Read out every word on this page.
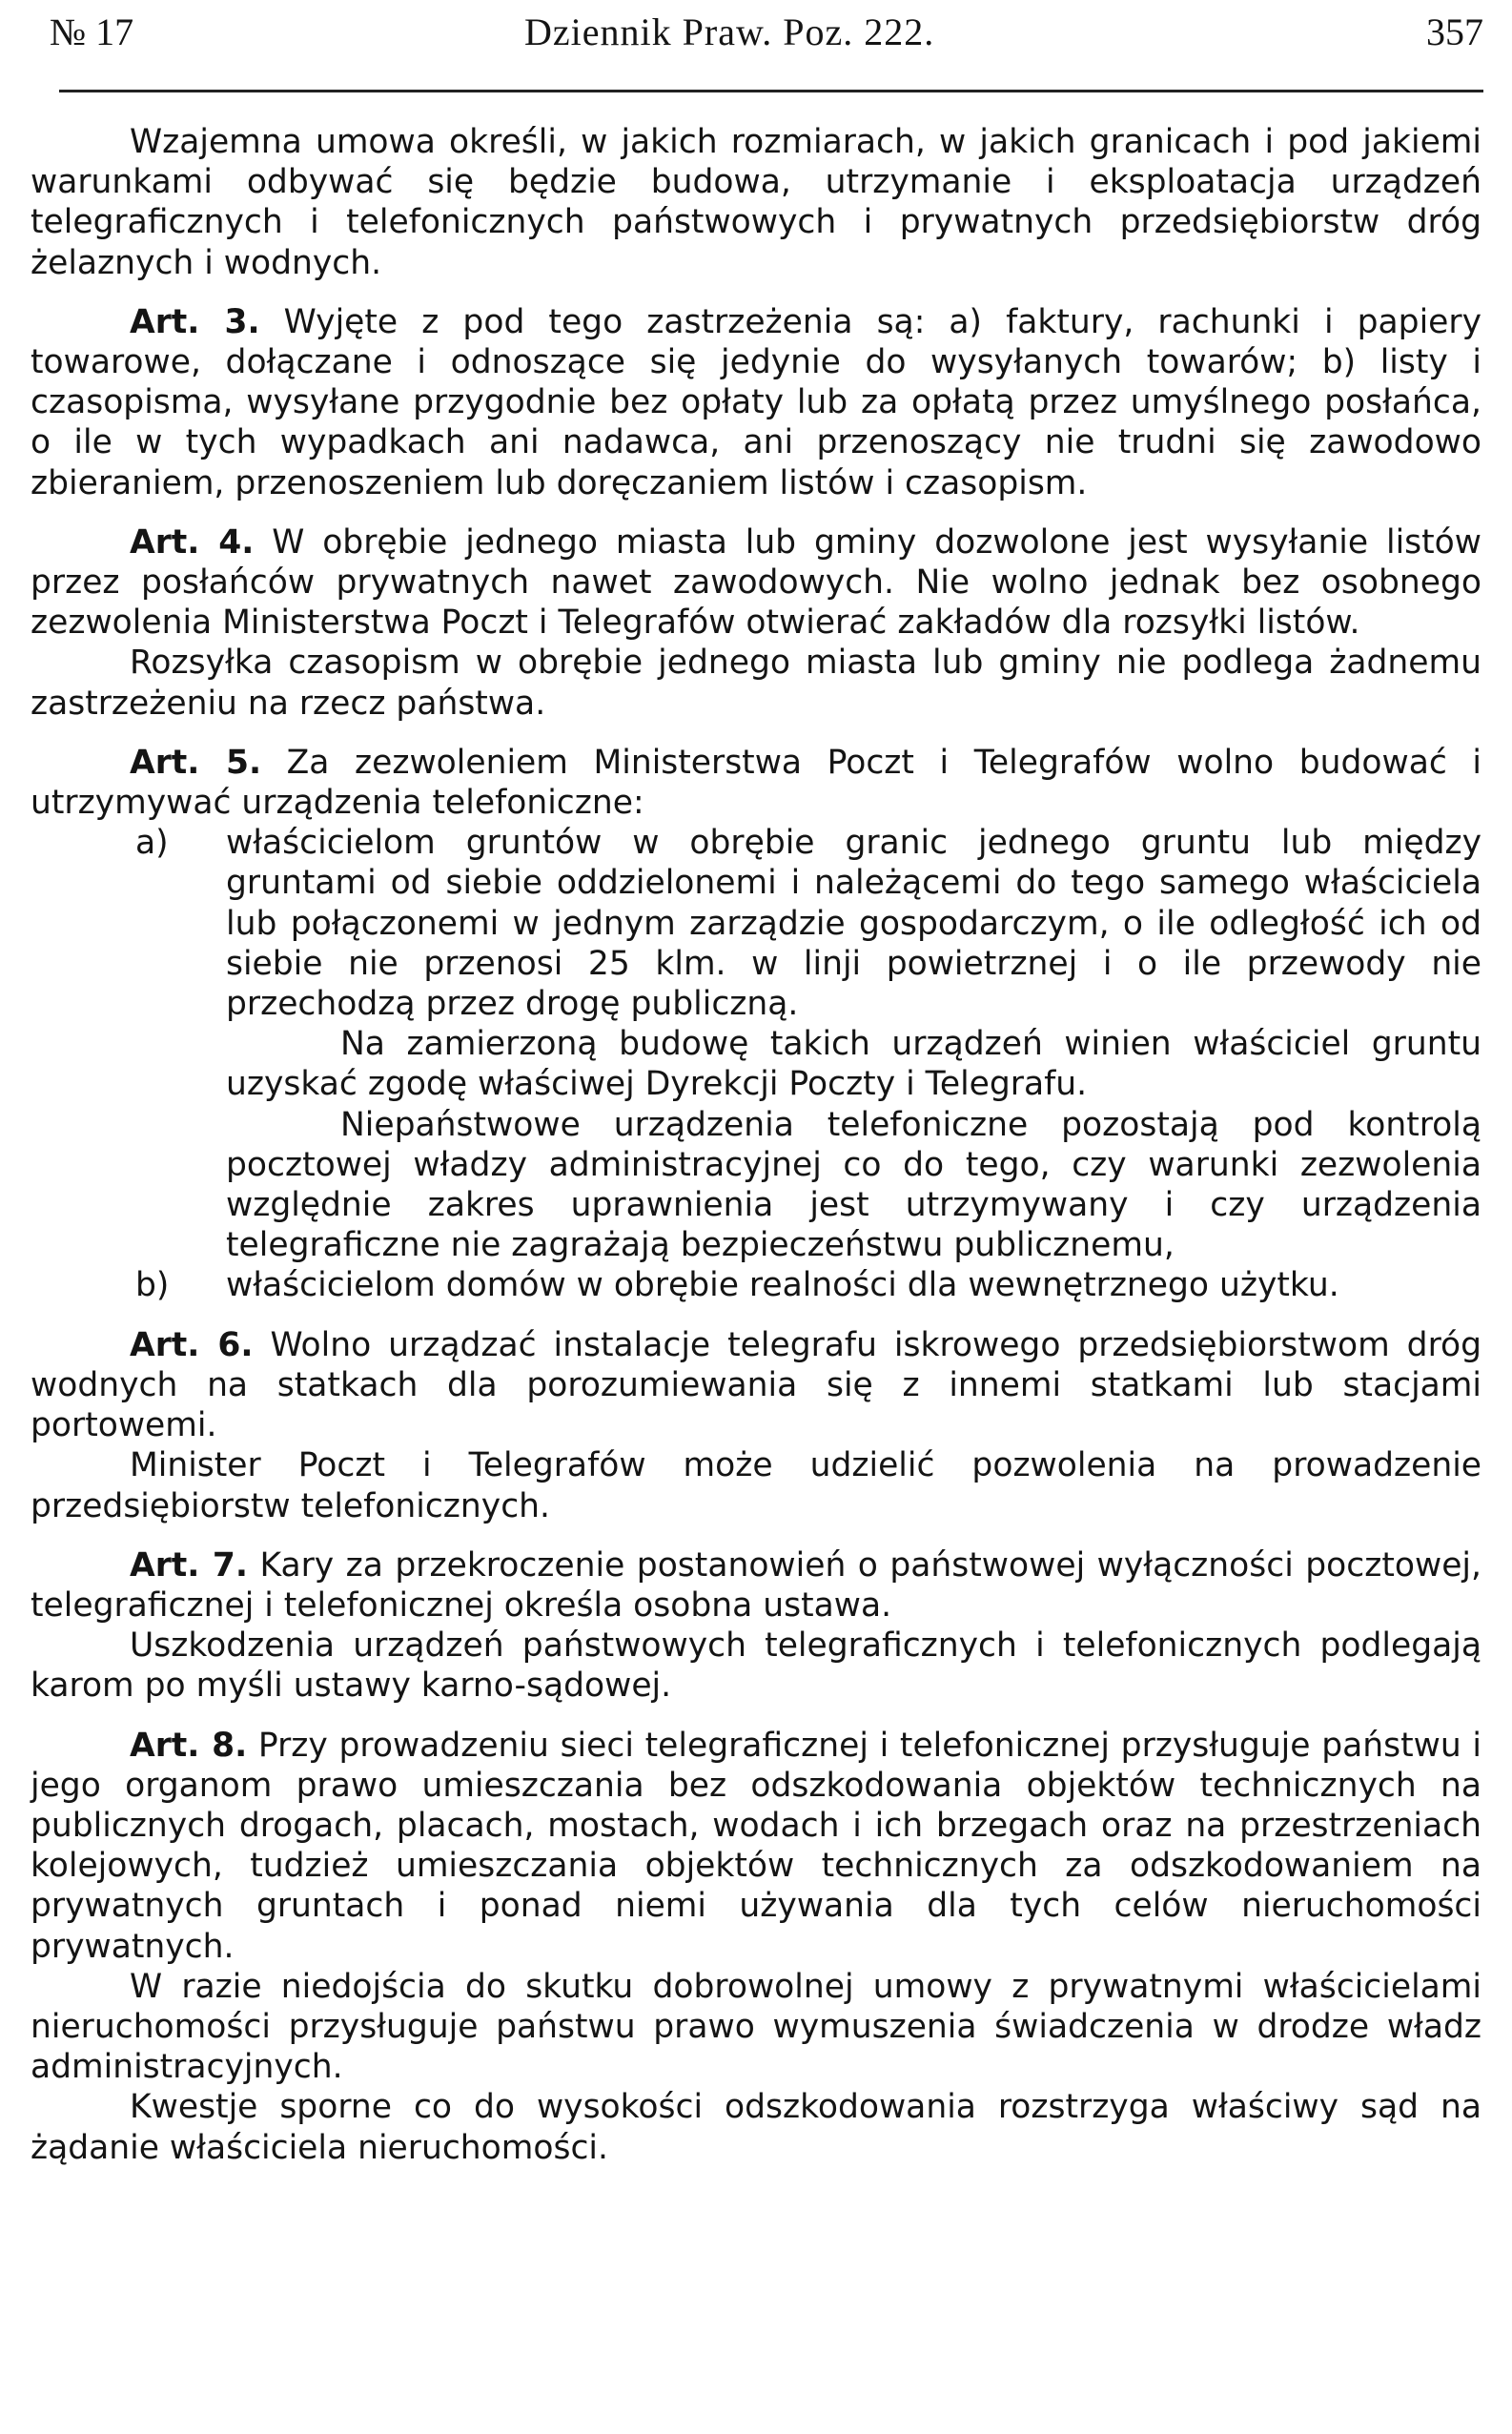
№ 17	Dziennik Praw. Poz. 222.	357

Wzajemna umowa określi, w jakich rozmiarach, w jakich granicach i pod jakiemi warunkami odbywać się będzie budowa, utrzymanie i eksploatacja urządzeń telegraficznych i telefonicznych państwowych i prywatnych przedsiębiorstw dróg żelaznych i wodnych.

Art. 3. Wyjęte z pod tego zastrzeżenia są: a) faktury, rachunki i papiery towarowe, dołączane i odnoszące się jedynie do wysyłanych towarów; b) listy i czasopisma, wysyłane przygodnie bez opłaty lub za opłatą przez umyślnego posłańca, o ile w tych wypadkach ani nadawca, ani przenoszący nie trudni się zawodowo zbieraniem, przenoszeniem lub doręczaniem listów i czasopism.

Art. 4. W obrębie jednego miasta lub gminy dozwolone jest wysyłanie listów przez posłańców prywatnych nawet zawodowych. Nie wolno jednak bez osobnego zezwolenia Ministerstwa Poczt i Telegrafów otwierać zakładów dla rozsyłki listów.

Rozsyłka czasopism w obrębie jednego miasta lub gminy nie podlega żadnemu zastrzeżeniu na rzecz państwa.

Art. 5. Za zezwoleniem Ministerstwa Poczt i Telegrafów wolno budować i utrzymywać urządzenia telefoniczne:

a)	właścicielom gruntów w obrębie granic jednego gruntu lub między gruntami od siebie oddzielonemi i należącemi do tego samego właściciela lub połączonemi w jednym zarządzie gospodarczym, o ile odległość ich od siebie nie przenosi 25 klm. w linji powietrznej i o ile przewody nie przechodzą przez drogę publiczną.

Na zamierzoną budowę takich urządzeń winien właściciel gruntu uzyskać zgodę właściwej Dyrekcji Poczty i Telegrafu.

Niepaństwowe urządzenia telefoniczne pozostają pod kontrolą pocztowej władzy administracyjnej co do tego, czy warunki zezwolenia względnie zakres uprawnienia jest utrzymywany i czy urządzenia telegraficzne nie zagrażają bezpieczeństwu publicznemu,

b)	właścicielom domów w obrębie realności dla wewnętrznego użytku.

Art. 6. Wolno urządzać instalacje telegrafu iskrowego przedsiębiorstwom dróg wodnych na statkach dla porozumiewania się z innemi statkami lub stacjami portowemi.

Minister Poczt i Telegrafów może udzielić pozwolenia na prowadzenie przedsiębiorstw telefonicznych.

Art. 7. Kary za przekroczenie postanowień o państwowej wyłączności pocztowej, telegraficznej i telefonicznej określa osobna ustawa.

Uszkodzenia urządzeń państwowych telegraficznych i telefonicznych podlegają karom po myśli ustawy karno-sądowej.

Art. 8. Przy prowadzeniu sieci telegraficznej i telefonicznej przysługuje państwu i jego organom prawo umieszczania bez odszkodowania objektów technicznych na publicznych drogach, placach, mostach, wodach i ich brzegach oraz na przestrzeniach kolejowych, tudzież umieszczania objektów technicznych za odszkodowaniem na prywatnych gruntach i ponad niemi używania dla tych celów nieruchomości prywatnych.

W razie niedojścia do skutku dobrowolnej umowy z prywatnymi właścicielami nieruchomości przysługuje państwu prawo wymuszenia świadczenia w drodze władz administracyjnych.

Kwestje sporne co do wysokości odszkodowania rozstrzyga właściwy sąd na żądanie właściciela nieruchomości.
